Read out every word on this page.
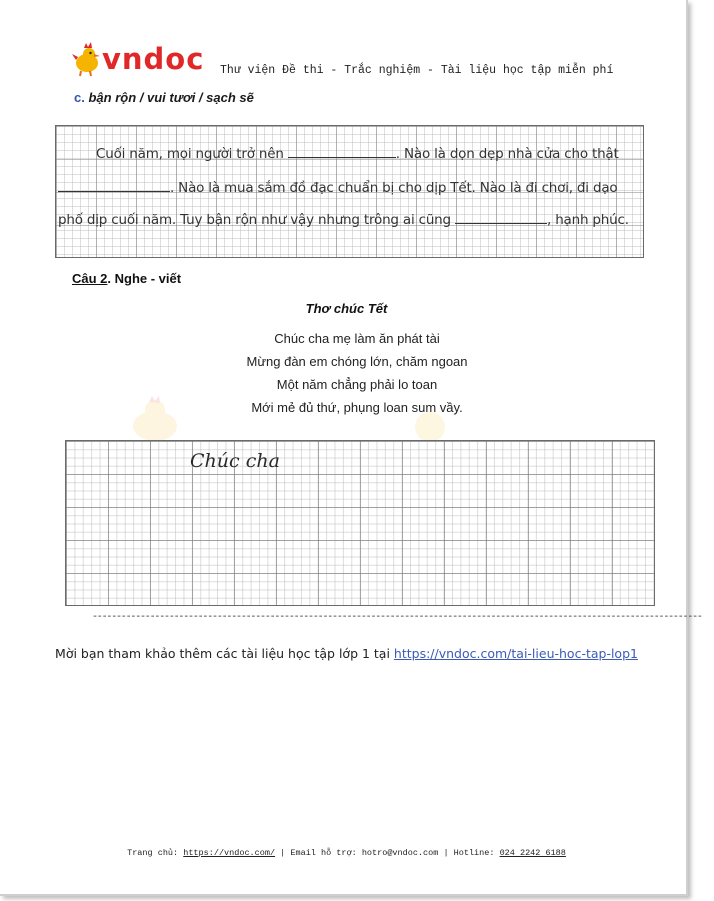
vndoc Thư viện Đề thi - Trắc nghiệm - Tài liệu học tập miễn phí
c. bận rộn / vui tươi / sạch sẽ
Cuối năm, mọi người trở nên	. Nào là dọn dẹp nhà cửa cho thật
. Nào là mua sắm đồ đạc chuẩn bị cho dịp Tết. Nào là đi chơi, đi dạo
phố dịp cuối năm. Tuy bận rộn như vậy nhưng trông ai cũng	, hạnh phúc.
Câu 2. Nghe - viết
Thơ chúc Tết
Chúc cha mẹ làm ăn phát tài
Mừng đàn em chóng lớn, chăm ngoan
Một năm chẳng phải lo toan
Mới mẻ đủ thứ, phụng loan sum vầy.
Chúc cha
-------------------------------------------------------------------------------------------------------------------------------
Mời bạn tham khảo thêm các tài liệu học tập lớp 1 tại https://vndoc.com/tai-lieu-hoc-tap-lop1
Trang chủ: https://vndoc.com/ | Email hỗ trợ: hotro@vndoc.com | Hotline: 024 2242 6188
